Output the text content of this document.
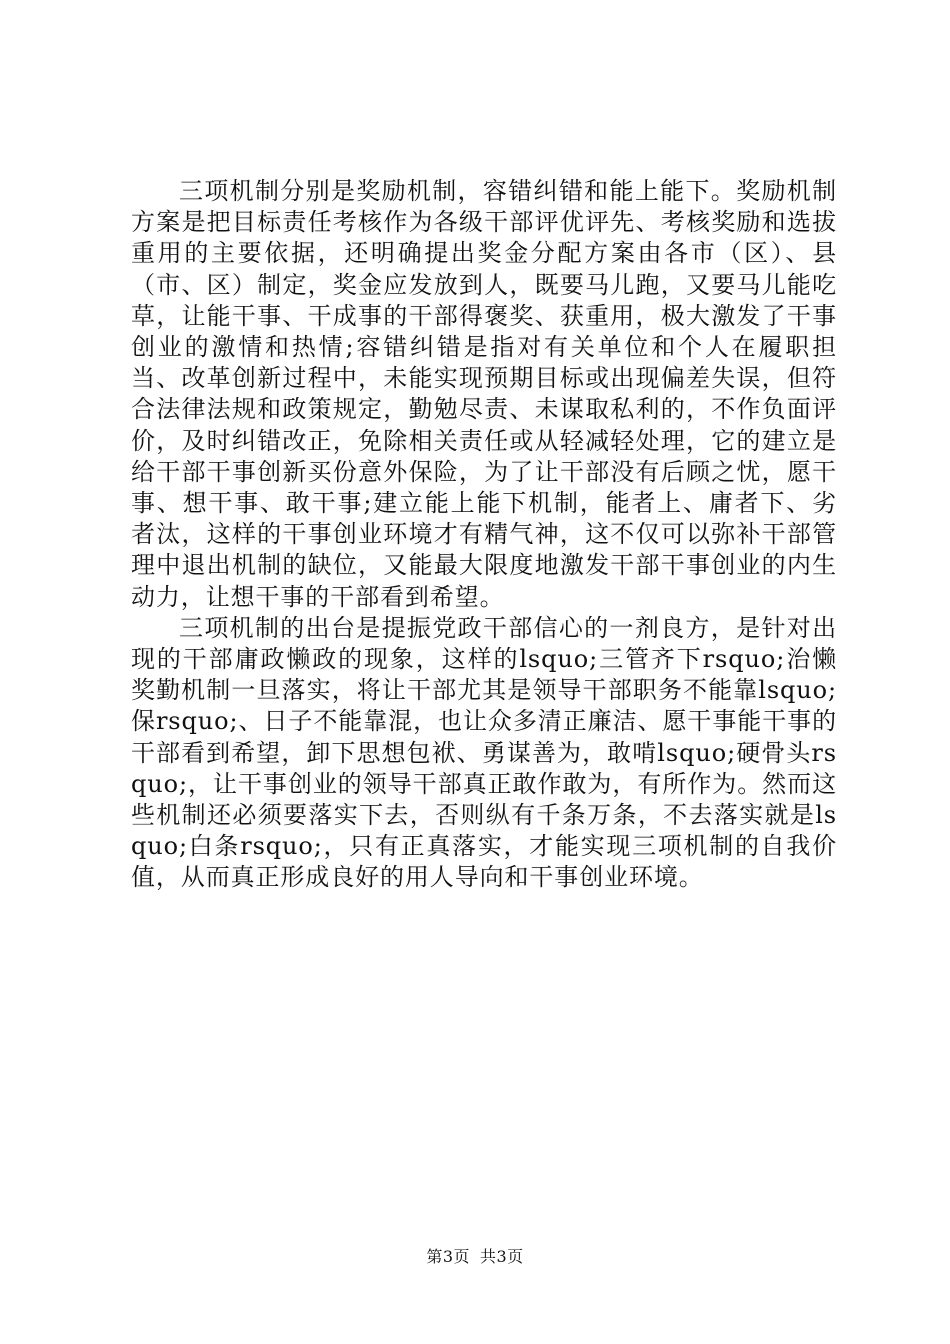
三项机制分别是奖励机制，容错纠错和能上能下。奖励机制方案是把目标责任考核作为各级干部评优评先、考核奖励和选拔重用的主要依据，还明确提出奖金分配方案由各市（区）、县（市、区）制定，奖金应发放到人，既要马儿跑，又要马儿能吃草，让能干事、干成事的干部得褒奖、获重用，极大激发了干事创业的激情和热情;容错纠错是指对有关单位和个人在履职担当、改革创新过程中，未能实现预期目标或出现偏差失误，但符合法律法规和政策规定，勤勉尽责、未谋取私利的，不作负面评价，及时纠错改正，免除相关责任或从轻减轻处理，它的建立是给干部干事创新买份意外保险，为了让干部没有后顾之忧，愿干事、想干事、敢干事;建立能上能下机制，能者上、庸者下、劣者汰，这样的干事创业环境才有精气神，这不仅可以弥补干部管理中退出机制的缺位，又能最大限度地激发干部干事创业的内生动力，让想干事的干部看到希望。

三项机制的出台是提振党政干部信心的一剂良方，是针对出现的干部庸政懒政的现象，这样的lsquo;三管齐下rsquo;治懒奖勤机制一旦落实，将让干部尤其是领导干部职务不能靠lsquo;保rsquo;、日子不能靠混，也让众多清正廉洁、愿干事能干事的干部看到希望，卸下思想包袱、勇谋善为，敢啃lsquo;硬骨头rsquo;，让干事创业的领导干部真正敢作敢为，有所作为。然而这些机制还必须要落实下去，否则纵有千条万条，不去落实就是lsquo;白条rsquo;，只有正真落实，才能实现三项机制的自我价值，从而真正形成良好的用人导向和干事创业环境。

第3页 共3页
